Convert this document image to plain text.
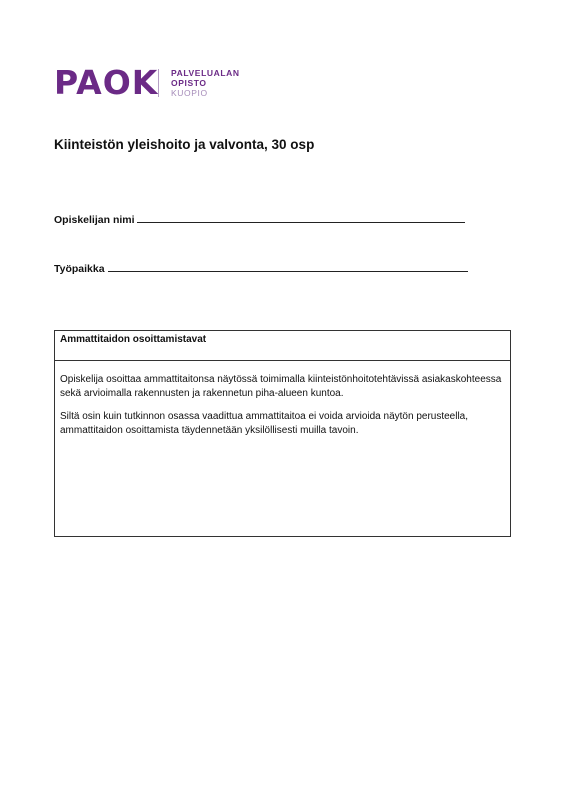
PAOK PALVELUALAN
OPISTO
KUOPIO
Kiinteistön yleishoito ja valvonta, 30 osp
Opiskelijan nimi
Työpaikka
Ammattitaidon osoittamistavat

Opiskelija osoittaa ammattitaitonsa näytössä toimimalla kiinteistönhoitotehtävissä asiakaskohteessa sekä arvioimalla rakennusten ja rakennetun piha-alueen kuntoa.

Siltä osin kuin tutkinnon osassa vaadittua ammattitaitoa ei voida arvioida näytön perusteella, ammattitaidon osoittamista täydennetään yksilöllisesti muilla tavoin.
